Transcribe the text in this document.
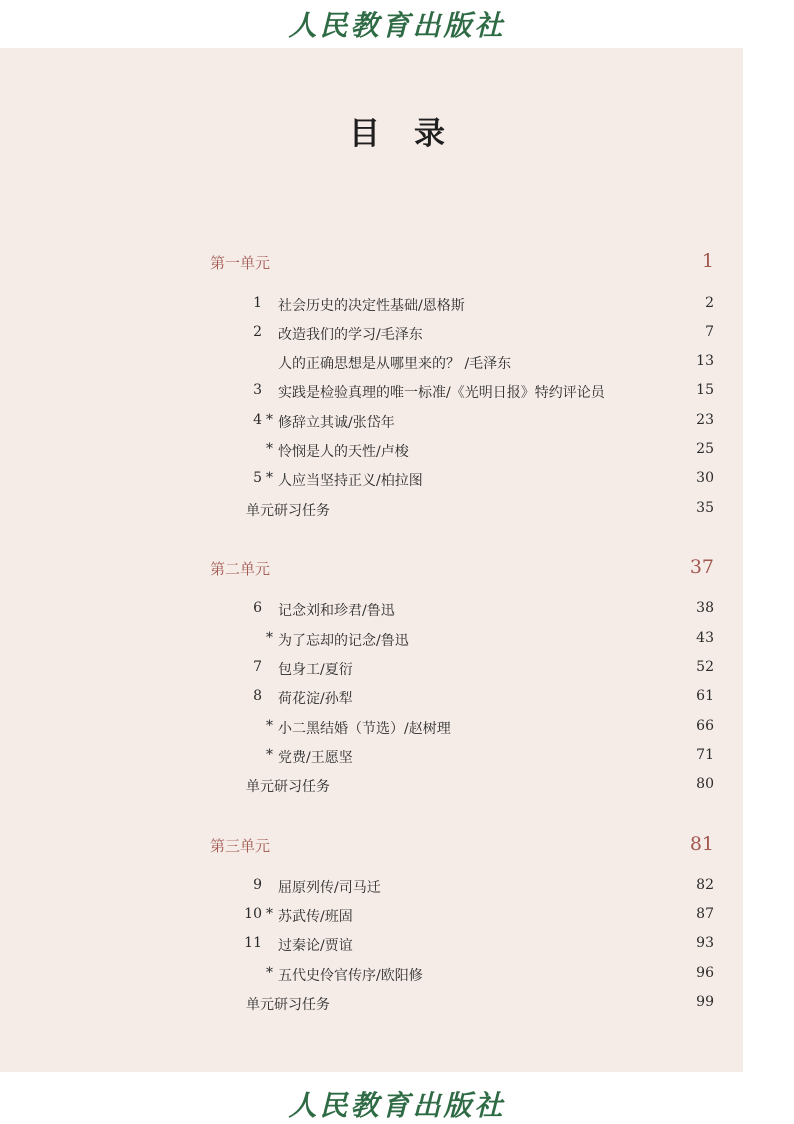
人民教育出版社
目录
第一单元	1
1 社会历史的决定性基础/恩格斯	2
2 改造我们的学习/毛泽东	7
人的正确思想是从哪里来的？ /毛泽东	13
3 实践是检验真理的唯一标准/《光明日报》特约评论员	15
4 * 修辞立其诚/张岱年	23
* 怜悯是人的天性/卢梭	25
5 * 人应当坚持正义/柏拉图	30
单元研习任务	35
第二单元	37
6 记念刘和珍君/鲁迅	38
* 为了忘却的记念/鲁迅	43
7 包身工/夏衍	52
8 荷花淀/孙犁	61
* 小二黑结婚（节选）/赵树理	66
* 党费/王愿坚	71
单元研习任务	80
第三单元	81
9 屈原列传/司马迁	82
10 * 苏武传/班固	87
11 过秦论/贾谊	93
* 五代史伶官传序/欧阳修	96
单元研习任务	99
人民教育出版社
